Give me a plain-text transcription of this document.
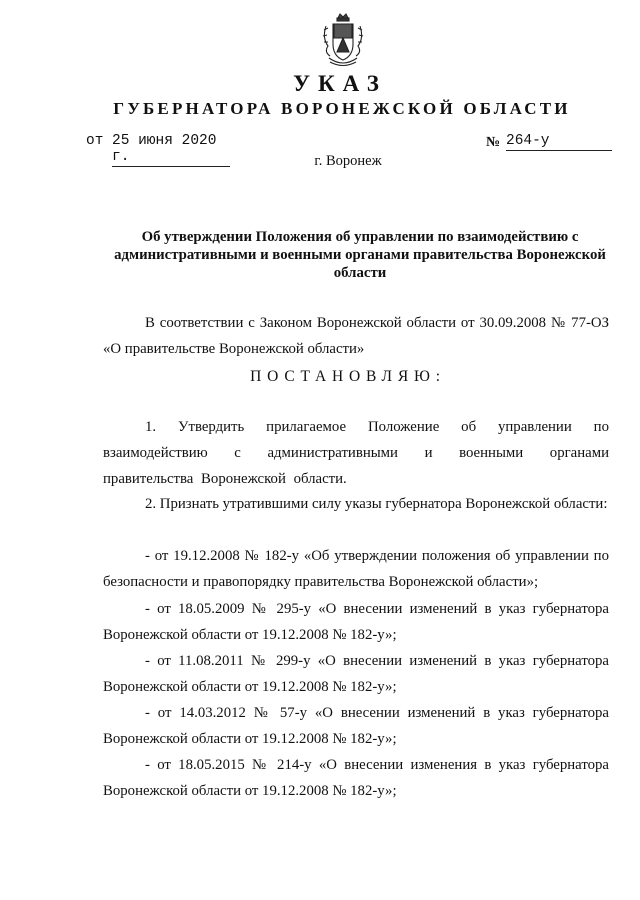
УКАЗ
ГУБЕРНАТОРА ВОРОНЕЖСКОЙ ОБЛАСТИ
от 25 июня 2020 г.
№ 264-у
г. Воронеж
Об утверждении Положения об управлении по взаимодействию с административными и военными органами правительства Воронежской области
В соответствии с Законом Воронежской области от 30.09.2008 № 77-ОЗ «О правительстве Воронежской области»
ПОСТАНОВЛЯЮ:
1. Утвердить прилагаемое Положение об управлении по взаимодействию с административными и военными органами правительства Воронежской области.
2. Признать утратившими силу указы губернатора Воронежской области:
- от 19.12.2008 № 182-у «Об утверждении положения об управлении по безопасности и правопорядку правительства Воронежской области»;
- от 18.05.2009 № 295-у «О внесении изменений в указ губернатора Воронежской области от 19.12.2008 № 182-у»;
- от 11.08.2011 № 299-у «О внесении изменений в указ губернатора Воронежской области от 19.12.2008 № 182-у»;
- от 14.03.2012 № 57-у «О внесении изменений в указ губернатора Воронежской области от 19.12.2008 № 182-у»;
- от 18.05.2015 № 214-у «О внесении изменения в указ губернатора Воронежской области от 19.12.2008 № 182-у»;
